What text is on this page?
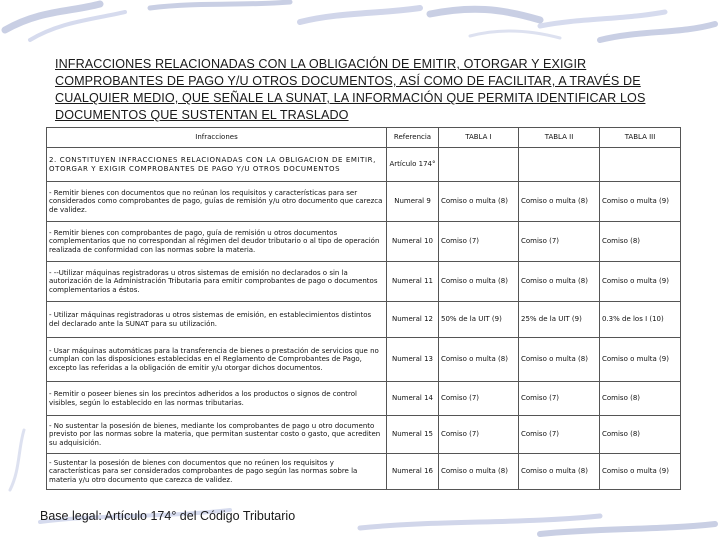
INFRACCIONES RELACIONADAS CON LA OBLIGACIÓN DE EMITIR, OTORGAR Y EXIGIR COMPROBANTES DE PAGO Y/U OTROS DOCUMENTOS, ASÍ COMO DE FACILITAR, A TRAVÉS DE CUALQUIER MEDIO, QUE SEÑALE LA SUNAT, LA INFORMACIÓN QUE PERMITA IDENTIFICAR LOS DOCUMENTOS QUE SUSTENTAN EL TRASLADO
Infracciones	Referencia	TABLA I	TABLA II	TABLA III
2. CONSTITUYEN INFRACCIONES RELACIONADAS CON LA OBLIGACION DE EMITIR, OTORGAR Y EXIGIR COMPROBANTES DE PAGO Y/U OTROS DOCUMENTOS	Artículo 174°			
- Remitir bienes con documentos que no reúnan los requisitos y características para ser considerados como comprobantes de pago, guías de remisión y/u otro documento que carezca de validez.	Numeral 9	Comiso o multa (8)	Comiso o multa (8)	Comiso o multa (9)
- Remitir bienes con comprobantes de pago, guía de remisión u otros documentos complementarios que no correspondan al régimen del deudor tributario o al tipo de operación realizada de conformidad con las normas sobre la materia.	Numeral 10	Comiso (7)	Comiso (7)	Comiso (8)
- --Utilizar máquinas registradoras u otros sistemas de emisión no declarados o sin la autorización de la Administración Tributaria para emitir comprobantes de pago o documentos complementarios a éstos.	Numeral 11	Comiso o multa (8)	Comiso o multa (8)	Comiso o multa (9)
- Utilizar máquinas registradoras u otros sistemas de emisión, en establecimientos distintos del declarado ante la SUNAT para su utilización.	Numeral 12	50% de la UIT (9)	25% de la UIT (9)	0.3% de los I (10)
- Usar máquinas automáticas para la transferencia de bienes o prestación de servicios que no cumplan con las disposiciones establecidas en el Reglamento de Comprobantes de Pago, excepto las referidas a la obligación de emitir y/u otorgar dichos documentos.	Numeral 13	Comiso o multa (8)	Comiso o multa (8)	Comiso o multa (9)
- Remitir o poseer bienes sin los precintos adheridos a los productos o signos de control visibles, según lo establecido en las normas tributarias.	Numeral 14	Comiso (7)	Comiso (7)	Comiso (8)
- No sustentar la posesión de bienes, mediante los comprobantes de pago u otro documento previsto por las normas sobre la materia, que permitan sustentar costo o gasto, que acrediten su adquisición.	Numeral 15	Comiso (7)	Comiso (7)	Comiso (8)
- Sustentar la posesión de bienes con documentos que no reúnen los requisitos y características para ser considerados comprobantes de pago según las normas sobre la materia y/u otro documento que carezca de validez.	Numeral 16	Comiso o multa (8)	Comiso o multa (8)	Comiso o multa (9)
Base legal: Artículo 174° del Código Tributario
